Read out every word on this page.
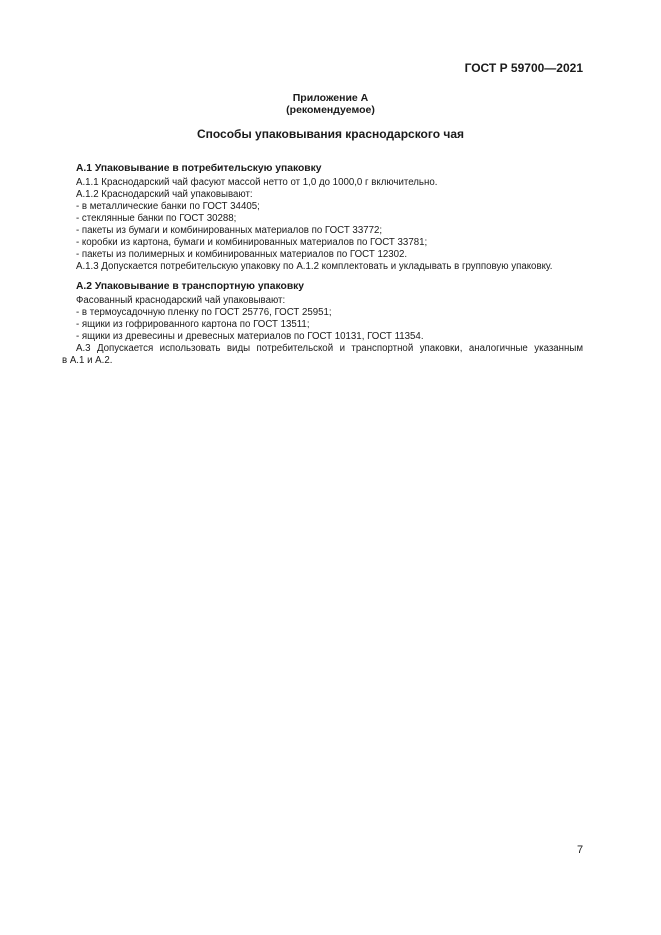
ГОСТ Р 59700—2021
Приложение А
(рекомендуемое)
Способы упаковывания краснодарского чая
А.1 Упаковывание в потребительскую упаковку
А.1.1 Краснодарский чай фасуют массой нетто от 1,0 до 1000,0 г включительно.
А.1.2 Краснодарский чай упаковывают:
- в металлические банки по ГОСТ 34405;
- стеклянные банки по ГОСТ 30288;
- пакеты из бумаги и комбинированных материалов по ГОСТ 33772;
- коробки из картона, бумаги и комбинированных материалов по ГОСТ 33781;
- пакеты из полимерных и комбинированных материалов по ГОСТ 12302.
А.1.3 Допускается потребительскую упаковку по А.1.2 комплектовать и укладывать в групповую упаковку.
А.2 Упаковывание в транспортную упаковку
Фасованный краснодарский чай упаковывают:
- в термоусадочную пленку по ГОСТ 25776, ГОСТ 25951;
- ящики из гофрированного картона по ГОСТ 13511;
- ящики из древесины и древесных материалов по ГОСТ 10131, ГОСТ 11354.
А.3 Допускается использовать виды потребительской и транспортной упаковки, аналогичные указанным
в А.1 и А.2.
7
